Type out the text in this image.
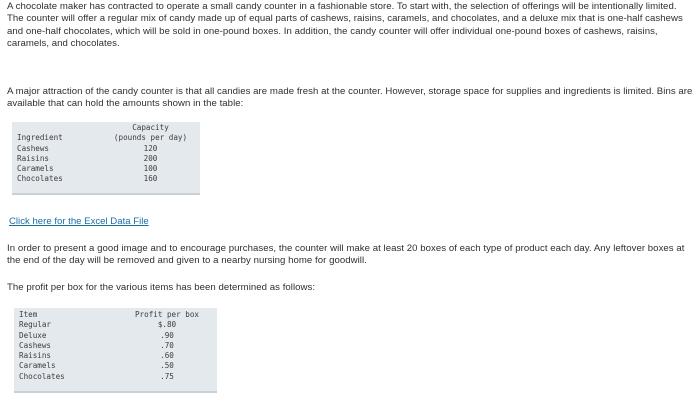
A chocolate maker has contracted to operate a small candy counter in a fashionable store. To start with, the selection of offerings will be intentionally limited. The counter will offer a regular mix of candy made up of equal parts of cashews, raisins, caramels, and chocolates, and a deluxe mix that is one-half cashews and one-half chocolates, which will be sold in one-pound boxes. In addition, the candy counter will offer individual one-pound boxes of cashews, raisins, caramels, and chocolates.

A major attraction of the candy counter is that all candies are made fresh at the counter. However, storage space for supplies and ingredients is limited. Bins are available that can hold the amounts shown in the table:

Ingredient	Capacity
(pounds per day)
Cashews	120
Raisins	200
Caramels	100
Chocolates	160
Click here for the Excel Data File

In order to present a good image and to encourage purchases, the counter will make at least 20 boxes of each type of product each day. Any leftover boxes at the end of the day will be removed and given to a nearby nursing home for goodwill.

The profit per box for the various items has been determined as follows:

Item	Profit per box
Regular	$.80
Deluxe	.90
Cashews	.70
Raisins	.60
Caramels	.50
Chocolates	.75
